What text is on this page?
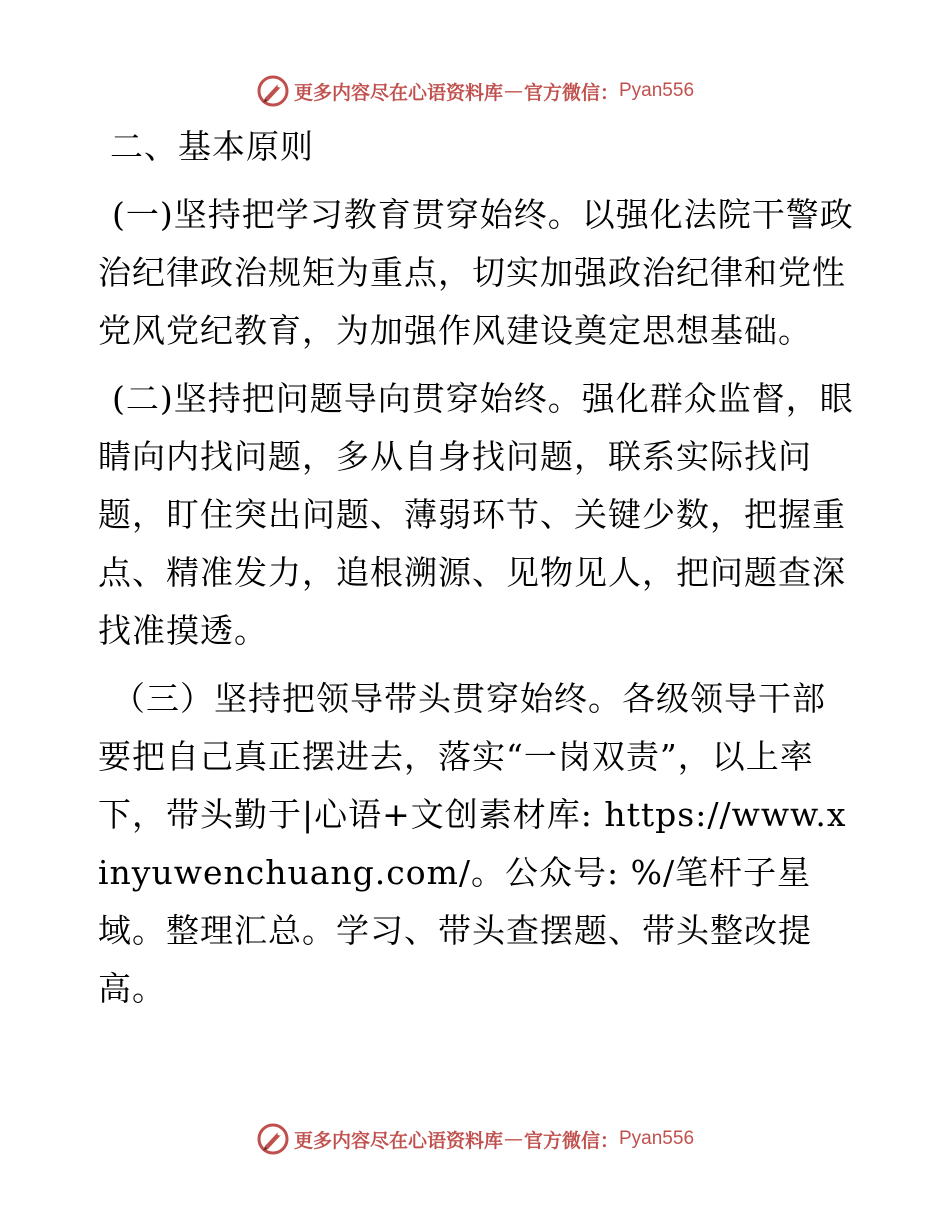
更多内容尽在心语资料库 — 官方微信： Pyan556
二、基本原则

(一)坚持把学习教育贯穿始终。以强化法院干警政治纪律政治规矩为重点，切实加强政治纪律和党性党风党纪教育，为加强作风建设奠定思想基础。

(二)坚持把问题导向贯穿始终。强化群众监督，眼睛向内找问题，多从自身找问题，联系实际找问题，盯住突出问题、薄弱环节、关键少数，把握重点、精准发力，追根溯源、见物见人，把问题查深找准摸透。

（三）坚持把领导带头贯穿始终。各级领导干部要把自己真正摆进去，落实“一岗双责”，以上率下，带头勤于|心语+文创素材库: https://www.xinyuwenchuang.com/。公众号: %/笔杆子星域。整理汇总。学习、带头查摆题、带头整改提高。

更多内容尽在心语资料库 — 官方微信： Pyan556
